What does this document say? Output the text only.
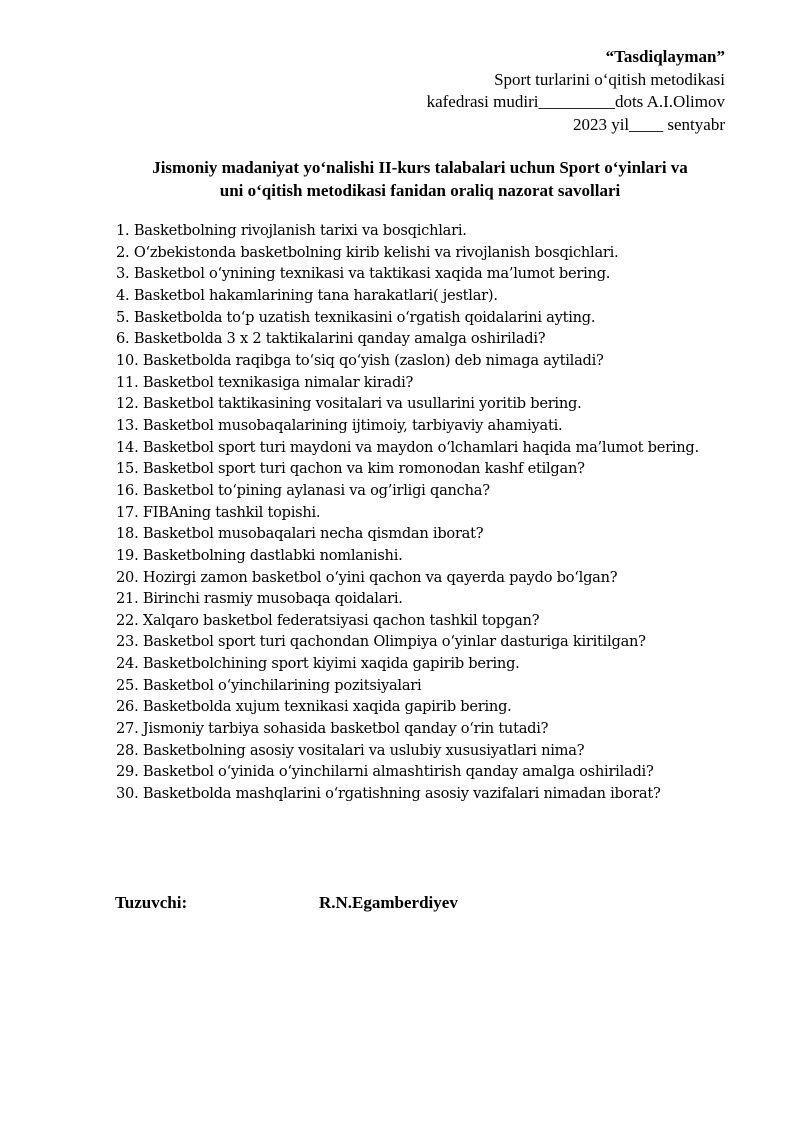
“Tasdiqlayman”
Sport turlarini o‘qitish metodikasi
kafedrasi mudiri_________dots A.I.Olimov
2023 yil____ sentyabr
Jismoniy madaniyat yo‘nalishi II-kurs talabalari uchun Sport o‘yinlari va
uni o‘qitish metodikasi fanidan oraliq nazorat savollari
1. Basketbolning rivojlanish tarixi va bosqichlari.
2. O‘zbekistonda basketbolning kirib kelishi va rivojlanish bosqichlari.
3. Basketbol o‘ynining texnikasi va taktikasi xaqida ma’lumot bering.
4. Basketbol hakamlarining tana harakatlari( jestlar).
5. Basketbolda to‘p uzatish texnikasini o‘rgatish qoidalarini ayting.
6. Basketbolda 3 x 2 taktikalarini qanday amalga oshiriladi?
10. Basketbolda raqibga to‘siq qo‘yish (zaslon) deb nimaga aytiladi?
11. Basketbol texnikasiga nimalar kiradi?
12. Basketbol taktikasining vositalari va usullarini yoritib bering.
13. Basketbol musobaqalarining ijtimoiy, tarbiyaviy ahamiyati.
14. Basketbol sport turi maydoni va maydon o‘lchamlari haqida ma’lumot bering.
15. Basketbol sport turi qachon va kim romonodan kashf etilgan?
16. Basketbol to‘pining aylanasi va og’irligi qancha?
17. FIBAning tashkil topishi.
18. Basketbol musobaqalari necha qismdan iborat?
19. Basketbolning dastlabki nomlanishi.
20. Hozirgi zamon basketbol o‘yini qachon va qayerda paydo bo‘lgan?
21. Birinchi rasmiy musobaqa qoidalari.
22. Xalqaro basketbol federatsiyasi qachon tashkil topgan?
23. Basketbol sport turi qachondan Olimpiya o‘yinlar dasturiga kiritilgan?
24. Basketbolchining sport kiyimi xaqida gapirib bering.
25. Basketbol o‘yinchilarining pozitsiyalari
26. Basketbolda xujum texnikasi xaqida gapirib bering.
27. Jismoniy tarbiya sohasida basketbol qanday o‘rin tutadi?
28. Basketbolning asosiy vositalari va uslubiy xususiyatlari nima?
29. Basketbol o‘yinida o‘yinchilarni almashtirish qanday amalga oshiriladi?
30. Basketbolda mashqlarini o‘rgatishning asosiy vazifalari nimadan iborat?
Tuzuvchi:	R.N.Egamberdiyev
